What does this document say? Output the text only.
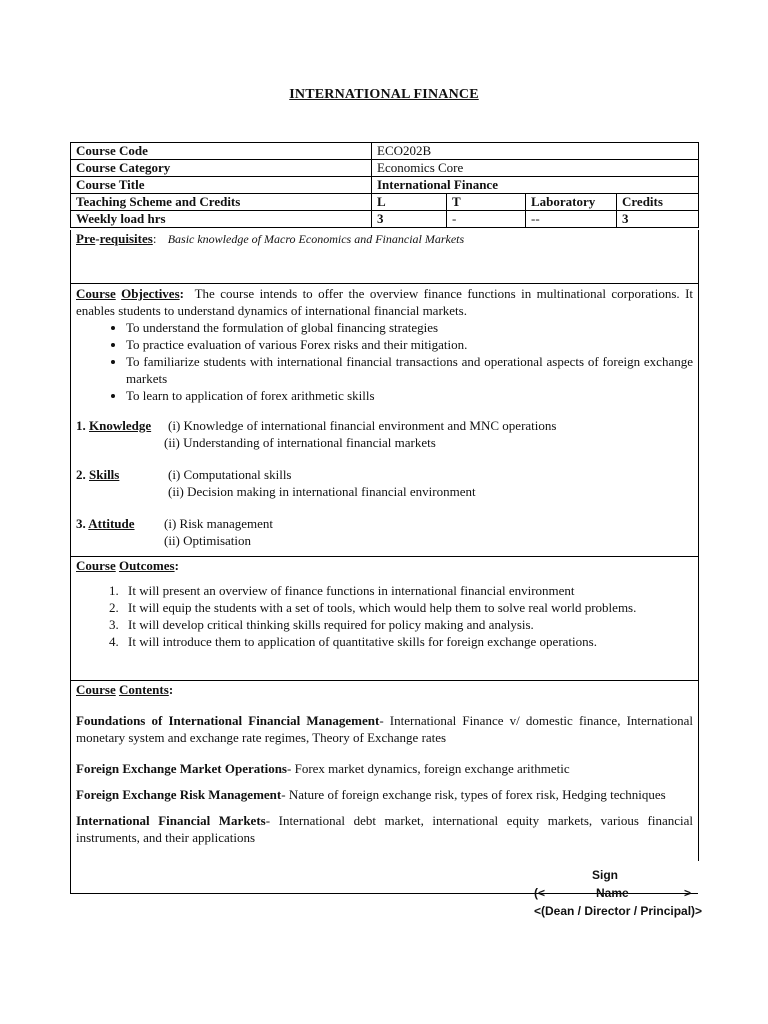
INTERNATIONAL FINANCE
Course Code	ECO202B			
Course Category	Economics Core			
Course Title	International Finance			
Teaching Scheme and Credits	L	T	Laboratory	Credits
Weekly load hrs	3	-	--	3
Pre-requisites: Basic knowledge of Macro Economics and Financial Markets
Course Objectives: The course intends to offer the overview finance functions in multinational corporations. It enables students to understand dynamics of international financial markets.
• To understand the formulation of global financing strategies
• To practice evaluation of various Forex risks and their mitigation.
• To familiarize students with international financial transactions and operational aspects of foreign exchange markets
• To learn to application of forex arithmetic skills
1. Knowledge (i) Knowledge of international financial environment and MNC operations
(ii) Understanding of international financial markets
2. Skills	(i) Computational skills
(ii) Decision making in international financial environment
3. Attitude (i) Risk management
(ii) Optimisation
Course Outcomes:
1. It will present an overview of finance functions in international financial environment
2. It will equip the students with a set of tools, which would help them to solve real world problems.
3. It will develop critical thinking skills required for policy making and analysis.
4. It will introduce them to application of quantitative skills for foreign exchange operations.
Course Contents:
Foundations of International Financial Management- International Finance v/ domestic finance, International monetary system and exchange rate regimes, Theory of Exchange rates
Foreign Exchange Market Operations- Forex market dynamics, foreign exchange arithmetic
Foreign Exchange Risk Management- Nature of foreign exchange risk, types of forex risk, Hedging techniques
International Financial Markets- International debt market, international equity markets, various financial instruments, and their applications
Sign
(<	Name	>
<(Dean / Director / Principal)>
